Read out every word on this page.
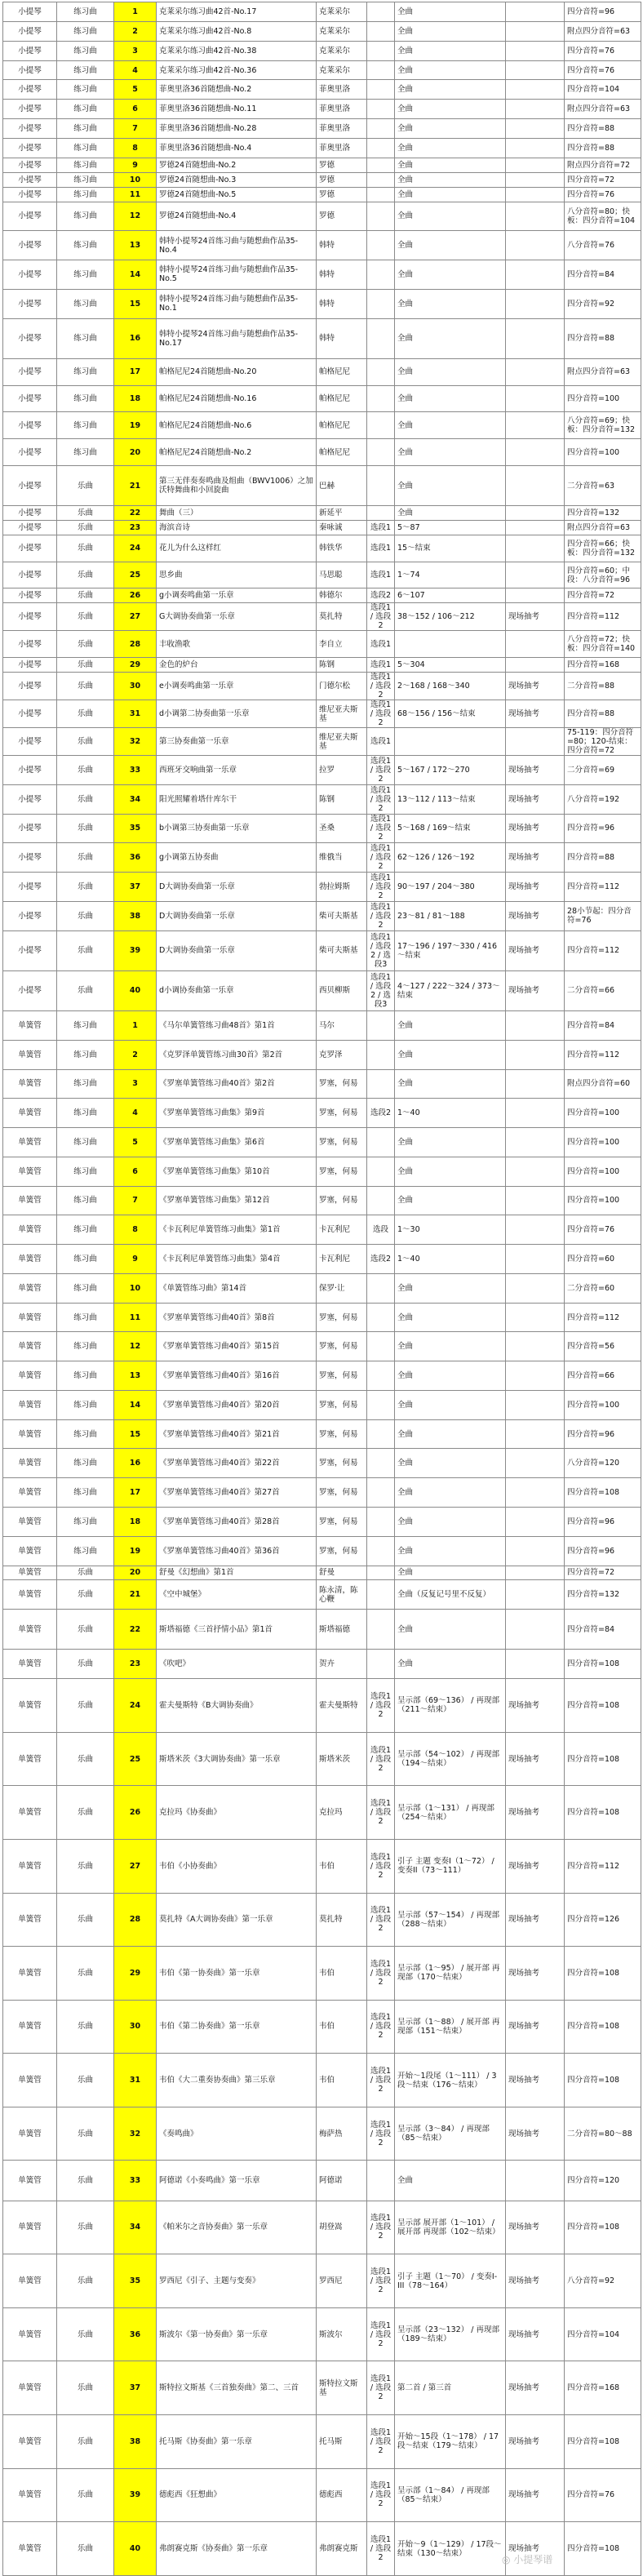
小提琴	练习曲	1	克莱采尔练习曲42首-No.17	克莱采尔		全曲		四分音符=96
小提琴	练习曲	2	克莱采尔练习曲42首-No.8	克莱采尔		全曲		附点四分音符=63
小提琴	练习曲	3	克莱采尔练习曲42首-No.38	克莱采尔		全曲		四分音符=76
小提琴	练习曲	4	克莱采尔练习曲42首-No.36	克莱采尔		全曲		四分音符=76
小提琴	练习曲	5	菲奥里洛36首随想曲-No.2	菲奥里洛		全曲		四分音符=104
小提琴	练习曲	6	菲奥里洛36首随想曲-No.11	菲奥里洛		全曲		附点四分音符=63
小提琴	练习曲	7	菲奥里洛36首随想曲-No.28	菲奥里洛		全曲		四分音符=88
小提琴	练习曲	8	菲奥里洛36首随想曲-No.4	菲奥里洛		全曲		四分音符=88
小提琴	练习曲	9	罗德24首随想曲-No.2	罗德		全曲		附点四分音符=72
小提琴	练习曲	10	罗德24首随想曲-No.3	罗德		全曲		四分音符=72
小提琴	练习曲	11	罗德24首随想曲-No.5	罗德		全曲		四分音符=76
小提琴	练习曲	12	罗德24首随想曲-No.4	罗德		全曲		八分音符=80；快板：四分音符=104
小提琴	练习曲	13	韩特小提琴24首练习曲与随想曲作品35-No.4	韩特		全曲		八分音符=76
小提琴	练习曲	14	韩特小提琴24首练习曲与随想曲作品35-No.5	韩特		全曲		四分音符=84
小提琴	练习曲	15	韩特小提琴24首练习曲与随想曲作品35-No.1	韩特		全曲		四分音符=92
小提琴	练习曲	16	韩特小提琴24首练习曲与随想曲作品35-No.17	韩特		全曲		四分音符=88
小提琴	练习曲	17	帕格尼尼24首随想曲-No.20	帕格尼尼		全曲		附点四分音符=63
小提琴	练习曲	18	帕格尼尼24首随想曲-No.16	帕格尼尼		全曲		四分音符=100
小提琴	练习曲	19	帕格尼尼24首随想曲-No.6	帕格尼尼		全曲		八分音符=69；快板：四分音符=132
小提琴	练习曲	20	帕格尼尼24首随想曲-No.2	帕格尼尼		全曲		四分音符=100
小提琴	乐曲	21	第三无伴奏奏鸣曲及组曲（BWV1006）之加沃特舞曲和小回旋曲	巴赫		全曲		二分音符=63
小提琴	乐曲	22	舞曲（三）	新延平		全曲		四分音符=132
小提琴	乐曲	23	海滨音诗	秦咏诚	选段1	5～87		附点四分音符=63
小提琴	乐曲	24	花儿为什么这样红	韩铁华	选段1	15～结束		四分音符=66；快板：四分音符=132
小提琴	乐曲	25	思乡曲	马思聪	选段1	1～74		四分音符=60；中段：八分音符=96
小提琴	乐曲	26	g小调奏鸣曲第一乐章	韩德尔	选段2	6～107		四分音符=72
小提琴	乐曲	27	G大调协奏曲第一乐章	莫扎特	选段1 / 选段2	38～152 / 106～212	现场抽考	四分音符=112
小提琴	乐曲	28	丰收渔歌	李自立	选段1			八分音符=72；快板：四分音符=140
小提琴	乐曲	29	金色的炉台	陈钢	选段1	5～304		四分音符=168
小提琴	乐曲	30	e小调奏鸣曲第一乐章	门德尔松	选段1 / 选段2	2～168 / 168～340	现场抽考	二分音符=88
小提琴	乐曲	31	d小调第二协奏曲第一乐章	维尼亚夫斯基	选段1 / 选段2	68～156 / 156～结束	现场抽考	四分音符=88
小提琴	乐曲	32	第三协奏曲第一乐章	维尼亚夫斯基	选段1			75-119：四分音符=80；120-结束：四分音符=72
小提琴	乐曲	33	西班牙交响曲第一乐章	拉罗	选段1 / 选段2	5～167 / 172～270	现场抽考	二分音符=69
小提琴	乐曲	34	阳光照耀着塔什库尔干	陈钢	选段1 / 选段2	13～112 / 113～结束	现场抽考	八分音符=192
小提琴	乐曲	35	b小调第三协奏曲第一乐章	圣桑	选段1 / 选段2	5～168 / 169～结束	现场抽考	四分音符=96
小提琴	乐曲	36	g小调第五协奏曲	维俄当	选段1 / 选段2	62～126 / 126～192	现场抽考	四分音符=88
小提琴	乐曲	37	D大调协奏曲第一乐章	勃拉姆斯	选段1 / 选段2	90～197 / 204～380	现场抽考	四分音符=112
小提琴	乐曲	38	D大调协奏曲第一乐章	柴可夫斯基	选段1 / 选段2	23～81 / 81～188	现场抽考	28小节起：四分音符=76
小提琴	乐曲	39	D大调协奏曲第一乐章	柴可夫斯基	选段1 / 选段2 / 选段3	17～196 / 197～330 / 416～结束	现场抽考	四分音符=112
小提琴	乐曲	40	d小调协奏曲第一乐章	西贝柳斯	选段1 / 选段2 / 选段3	4～127 / 222～324 / 373～结束	现场抽考	二分音符=66
单簧管	练习曲	1	《马尔单簧管练习曲48首》第1首	马尔		全曲		四分音符=84
单簧管	练习曲	2	《克罗泽单簧管练习曲30首》第2首	克罗泽		全曲		四分音符=112
单簧管	练习曲	3	《罗塞单簧管练习曲40首》第2首	罗塞，何易		全曲		附点四分音符=60
单簧管	练习曲	4	《罗塞单簧管练习曲集》第9首	罗塞，何易	选段2	1～40		四分音符=100
单簧管	练习曲	5	《罗塞单簧管练习曲集》第6首	罗塞，何易		全曲		四分音符=100
单簧管	练习曲	6	《罗塞单簧管练习曲集》第10首	罗塞，何易		全曲		四分音符=100
单簧管	练习曲	7	《罗塞单簧管练习曲集》第12首	罗塞，何易		全曲		四分音符=100
单簧管	练习曲	8	《卡瓦利尼单簧管练习曲集》第1首	卡瓦利尼	选段	1～30		四分音符=76
单簧管	练习曲	9	《卡瓦利尼单簧管练习曲集》第4首	卡瓦利尼	选段2	1～40		四分音符=60
单簧管	练习曲	10	《单簧管练习曲》第14首	保罗·让		全曲		二分音符=60
单簧管	练习曲	11	《罗塞单簧管练习曲40首》第8首	罗塞，何易		全曲		四分音符=112
单簧管	练习曲	12	《罗塞单簧管练习曲40首》第15首	罗塞，何易		全曲		四分音符=56
单簧管	练习曲	13	《罗塞单簧管练习曲40首》第16首	罗塞，何易		全曲		四分音符=66
单簧管	练习曲	14	《罗塞单簧管练习曲40首》第20首	罗塞，何易		全曲		四分音符=100
单簧管	练习曲	15	《罗塞单簧管练习曲40首》第21首	罗塞，何易		全曲		四分音符=96
单簧管	练习曲	16	《罗塞单簧管练习曲40首》第22首	罗塞，何易		全曲		八分音符=120
单簧管	练习曲	17	《罗塞单簧管练习曲40首》第27首	罗塞，何易		全曲		四分音符=108
单簧管	练习曲	18	《罗塞单簧管练习曲40首》第28首	罗塞，何易		全曲		四分音符=96
单簧管	练习曲	19	《罗塞单簧管练习曲40首》第36首	罗塞，何易		全曲		四分音符=96
单簧管	乐曲	20	舒曼《幻想曲》第1首	舒曼		全曲		四分音符=72
单簧管	乐曲	21	《空中城堡》	陈永清，陈心鞭		全曲（反复记号里不反复）		四分音符=132
单簧管	乐曲	22	斯塔福德《三首抒情小品》第1首	斯塔福德		全曲		四分音符=84
单簧管	乐曲	23	《吹吧》	贺卉		全曲		四分音符=108
单簧管	乐曲	24	霍夫曼斯特《B大调协奏曲》	霍夫曼斯特	选段1 / 选段2	呈示部（69～136） / 再现部（211～结束）	现场抽考	四分音符=108
单簧管	乐曲	25	斯塔米茨《3大调协奏曲》第一乐章	斯塔米茨	选段1 / 选段2	呈示部（54～102） / 再现部（194～结束）	现场抽考	四分音符=108
单簧管	乐曲	26	克拉玛《协奏曲》	克拉玛	选段1 / 选段2	呈示部（1～131） / 再现部（254～结束）	现场抽考	四分音符=108
单簧管	乐曲	27	韦伯《小协奏曲》	韦伯	选段1 / 选段2	引子 主题 变奏I（1～72） / 变奏II（73～111）	现场抽考	四分音符=112
单簧管	乐曲	28	莫扎特《A大调协奏曲》第一乐章	莫扎特	选段1 / 选段2	呈示部（57～154） / 再现部（288～结束）	现场抽考	四分音符=126
单簧管	乐曲	29	韦伯《第一协奏曲》第一乐章	韦伯	选段1 / 选段2	呈示部（1～95） / 展开部 再现部（170～结束）	现场抽考	四分音符=108
单簧管	乐曲	30	韦伯《第二协奏曲》第一乐章	韦伯	选段1 / 选段2	呈示部（1～88） / 展开部 再现部（151～结束）	现场抽考	四分音符=108
单簧管	乐曲	31	韦伯《大二重奏协奏曲》第三乐章	韦伯	选段1 / 选段2	开始～1段尾（1～111） / 3段～结束（176～结束）	现场抽考	四分音符=108
单簧管	乐曲	32	《奏鸣曲》	梅萨热	选段1 / 选段2	呈示部（3～84） / 再现部（85～结束）	现场抽考	二分音符=80～88
单簧管	乐曲	33	阿德诺《小奏鸣曲》第一乐章	阿德诺		全曲		四分音符=120
单簧管	乐曲	34	《帕米尔之音协奏曲》第一乐章	胡登嵩	选段1 / 选段2	呈示部 展开部（1～101） / 展开部 再现部（102～结束）	现场抽考	四分音符=108
单簧管	乐曲	35	罗西尼《引子、主题与变奏》	罗西尼	选段1 / 选段2	引子 主题（1～70） / 变奏I-III（78～164）	现场抽考	八分音符=92
单簧管	乐曲	36	斯波尔《第一协奏曲》第一乐章	斯波尔	选段1 / 选段2	呈示部（23～132） / 再现部（189～结束）	现场抽考	四分音符=104
单簧管	乐曲	37	斯特拉文斯基《三首独奏曲》第二、三首	斯特拉文斯基	选段1 / 选段2	第二首 / 第三首	现场抽考	四分音符=168
单簧管	乐曲	38	托马斯《协奏曲》第一乐章	托马斯	选段1 / 选段2	开始～15段（1～178） / 17段～结束（179～结束）	现场抽考	四分音符=108
单簧管	乐曲	39	德彪西《狂想曲》	德彪西	选段1 / 选段2	呈示部（1～84） / 再现部（85～结束）	现场抽考	四分音符=76
单簧管	乐曲	40	弗朗赛克斯《协奏曲》第一乐章	弗朗赛克斯	选段1 / 选段2	开始～9（1～129） / 17段～结束（130～结束）	现场抽考	四分音符=108
◎ 小提琴谱
